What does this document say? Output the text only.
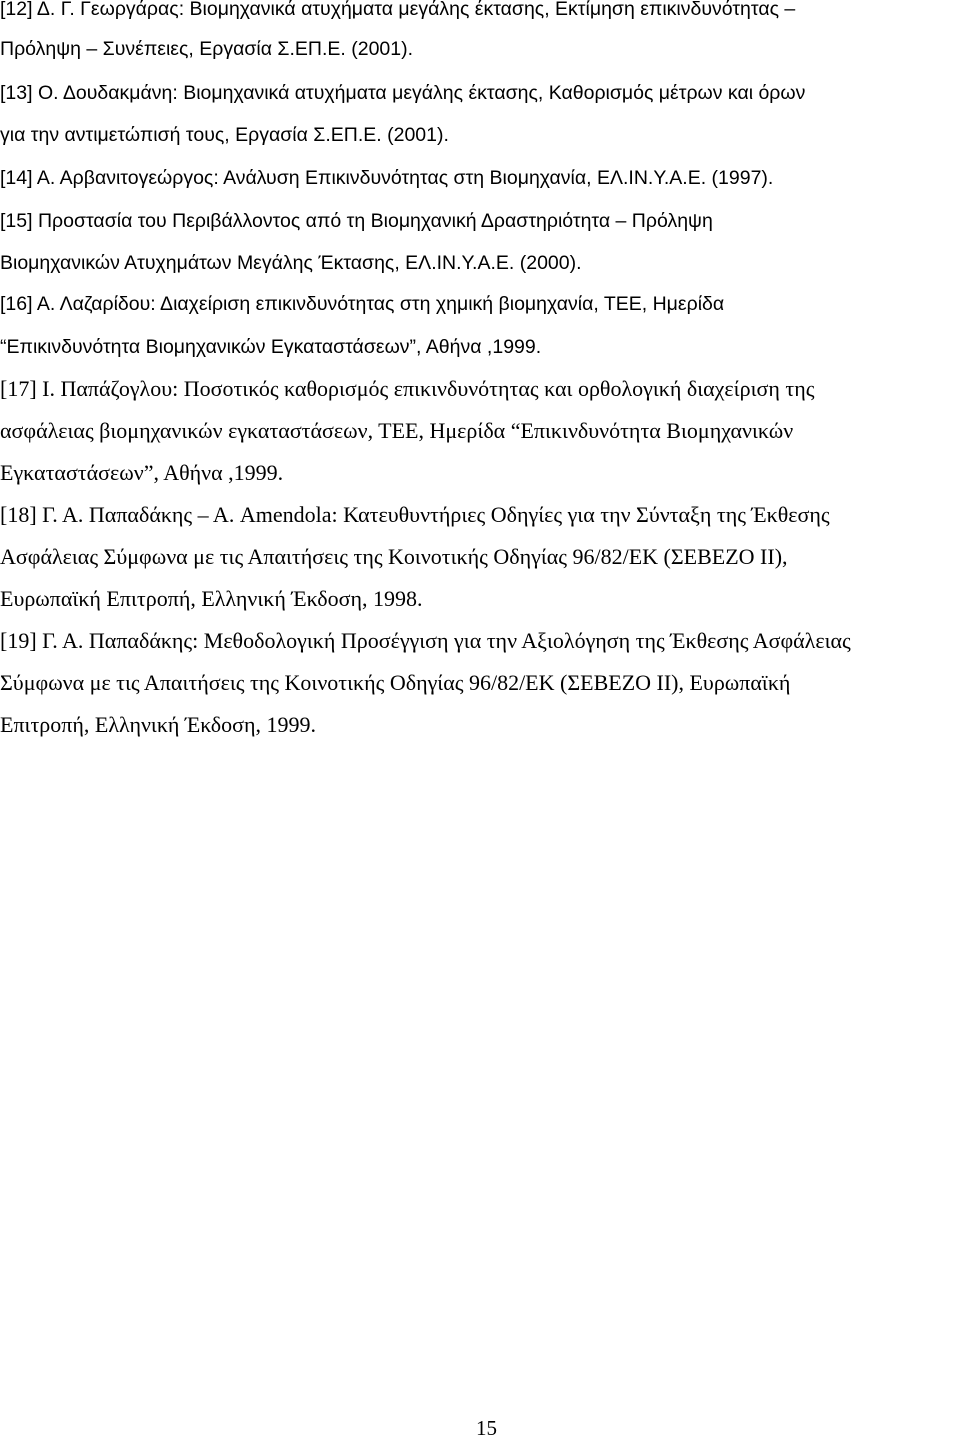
[12] Δ. Γ. Γεωργάρας: Βιομηχανικά ατυχήματα μεγάλης έκτασης, Εκτίμηση επικινδυνότητας –
Πρόληψη – Συνέπειες, Εργασία Σ.ΕΠ.Ε. (2001).
[13] Ο. Δουδακμάνη: Βιομηχανικά ατυχήματα μεγάλης έκτασης, Καθορισμός μέτρων και όρων
για την αντιμετώπισή τους, Εργασία Σ.ΕΠ.Ε. (2001).
[14] Α. Αρβανιτογεώργος: Ανάλυση Επικινδυνότητας στη Βιομηχανία, ΕΛ.ΙΝ.Υ.Α.Ε. (1997).
[15] Προστασία του Περιβάλλοντος από τη Βιομηχανική Δραστηριότητα – Πρόληψη
Βιομηχανικών Ατυχημάτων Μεγάλης Έκτασης, ΕΛ.ΙΝ.Υ.Α.Ε. (2000).
[16] Α. Λαζαρίδου: Διαχείριση επικινδυνότητας στη χημική βιομηχανία, ΤΕΕ, Ημερίδα
“Επικινδυνότητα Βιομηχανικών Εγκαταστάσεων”, Αθήνα ,1999.
[17] Ι. Παπάζογλου: Ποσοτικός καθορισμός επικινδυνότητας και ορθολογική διαχείριση της
ασφάλειας βιομηχανικών εγκαταστάσεων, ΤΕΕ, Ημερίδα “Επικινδυνότητα Βιομηχανικών
Εγκαταστάσεων”, Αθήνα ,1999.
[18] Γ. Α. Παπαδάκης – Α. Amendola: Κατευθυντήριες Οδηγίες για την Σύνταξη της Έκθεσης
Ασφάλειας Σύμφωνα με τις Απαιτήσεις της Κοινοτικής Οδηγίας 96/82/ΕΚ (ΣΕΒΕΖΟ ΙΙ),
Ευρωπαϊκή Επιτροπή, Ελληνική Έκδοση, 1998.
[19] Γ. Α. Παπαδάκης: Μεθοδολογική Προσέγγιση για την Αξιολόγηση της Έκθεσης Ασφάλειας
Σύμφωνα με τις Απαιτήσεις της Κοινοτικής Οδηγίας 96/82/ΕΚ (ΣΕΒΕΖΟ ΙΙ), Ευρωπαϊκή
Επιτροπή, Ελληνική Έκδοση, 1999.
15
